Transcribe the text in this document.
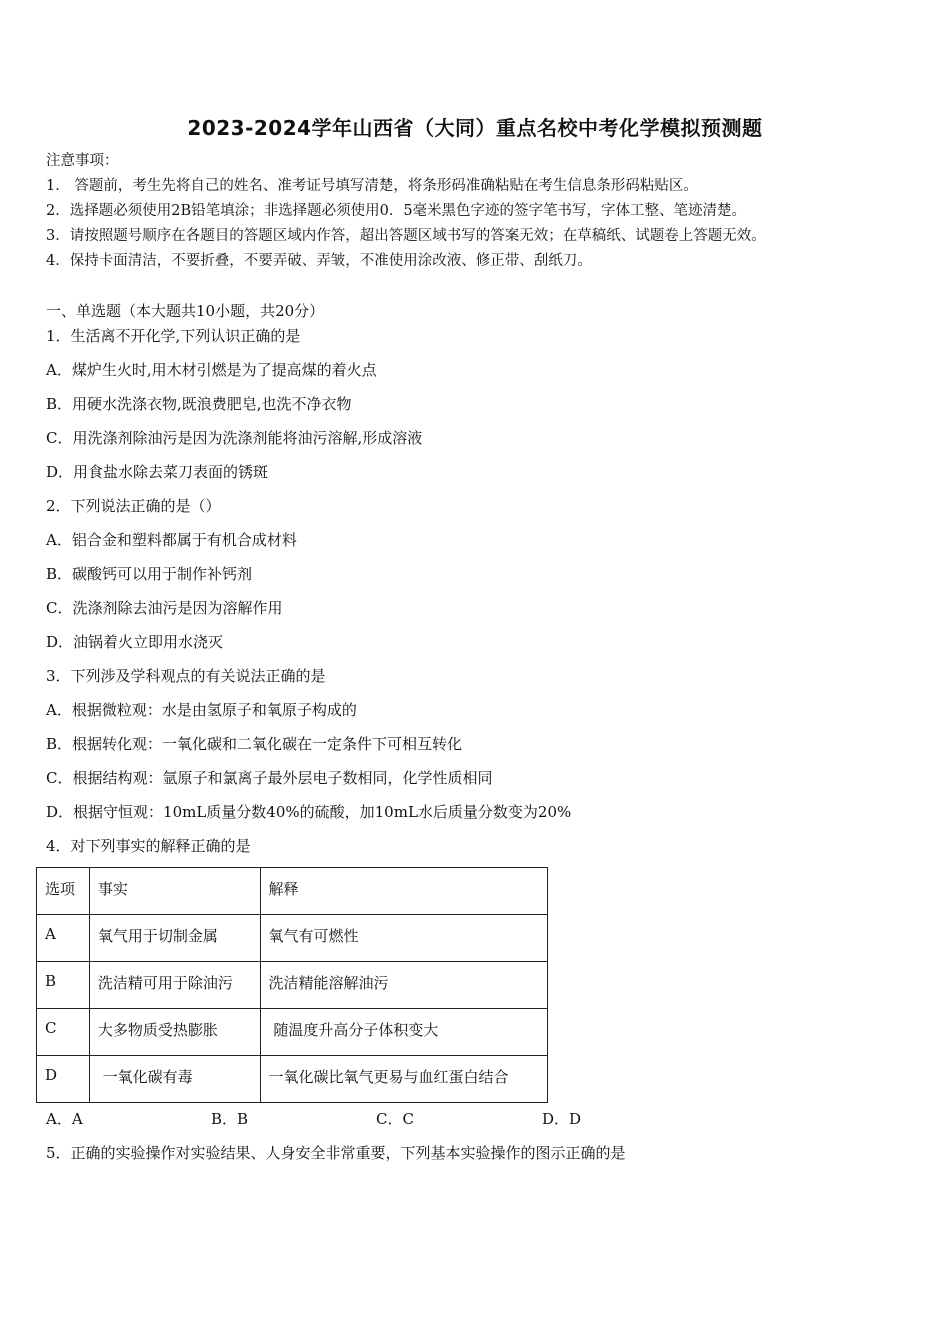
2023-2024学年山西省（大同）重点名校中考化学模拟预测题
注意事项：
1． 答题前，考生先将自己的姓名、准考证号填写清楚，将条形码准确粘贴在考生信息条形码粘贴区。
2．选择题必须使用2B铅笔填涂；非选择题必须使用0．5毫米黑色字迹的签字笔书写，字体工整、笔迹清楚。
3．请按照题号顺序在各题目的答题区域内作答，超出答题区域书写的答案无效；在草稿纸、试题卷上答题无效。
4．保持卡面清洁，不要折叠，不要弄破、弄皱，不准使用涂改液、修正带、刮纸刀。
一、单选题（本大题共10小题，共20分）
1．生活离不开化学,下列认识正确的是
A．煤炉生火时,用木材引燃是为了提高煤的着火点
B．用硬水洗涤衣物,既浪费肥皂,也洗不净衣物
C．用洗涤剂除油污是因为洗涤剂能将油污溶解,形成溶液
D．用食盐水除去菜刀表面的锈斑
2．下列说法正确的是（）
A．铝合金和塑料都属于有机合成材料
B．碳酸钙可以用于制作补钙剂
C．洗涤剂除去油污是因为溶解作用
D．油锅着火立即用水浇灭
3．下列涉及学科观点的有关说法正确的是
A．根据微粒观：水是由氢原子和氧原子构成的
B．根据转化观：一氧化碳和二氧化碳在一定条件下可相互转化
C．根据结构观：氩原子和氯离子最外层电子数相同，化学性质相同
D．根据守恒观：10mL质量分数40%的硫酸，加10mL水后质量分数变为20%
4．对下列事实的解释正确的是
选项	事实	解释
A	氧气用于切制金属	氧气有可燃性
B	洗洁精可用于除油污	洗洁精能溶解油污
C	大多物质受热膨胀	随温度升高分子体积变大
D	一氧化碳有毒	一氧化碳比氧气更易与血红蛋白结合
A．A	B．B	C．C	D．D
5．正确的实验操作对实验结果、人身安全非常重要，下列基本实验操作的图示正确的是
